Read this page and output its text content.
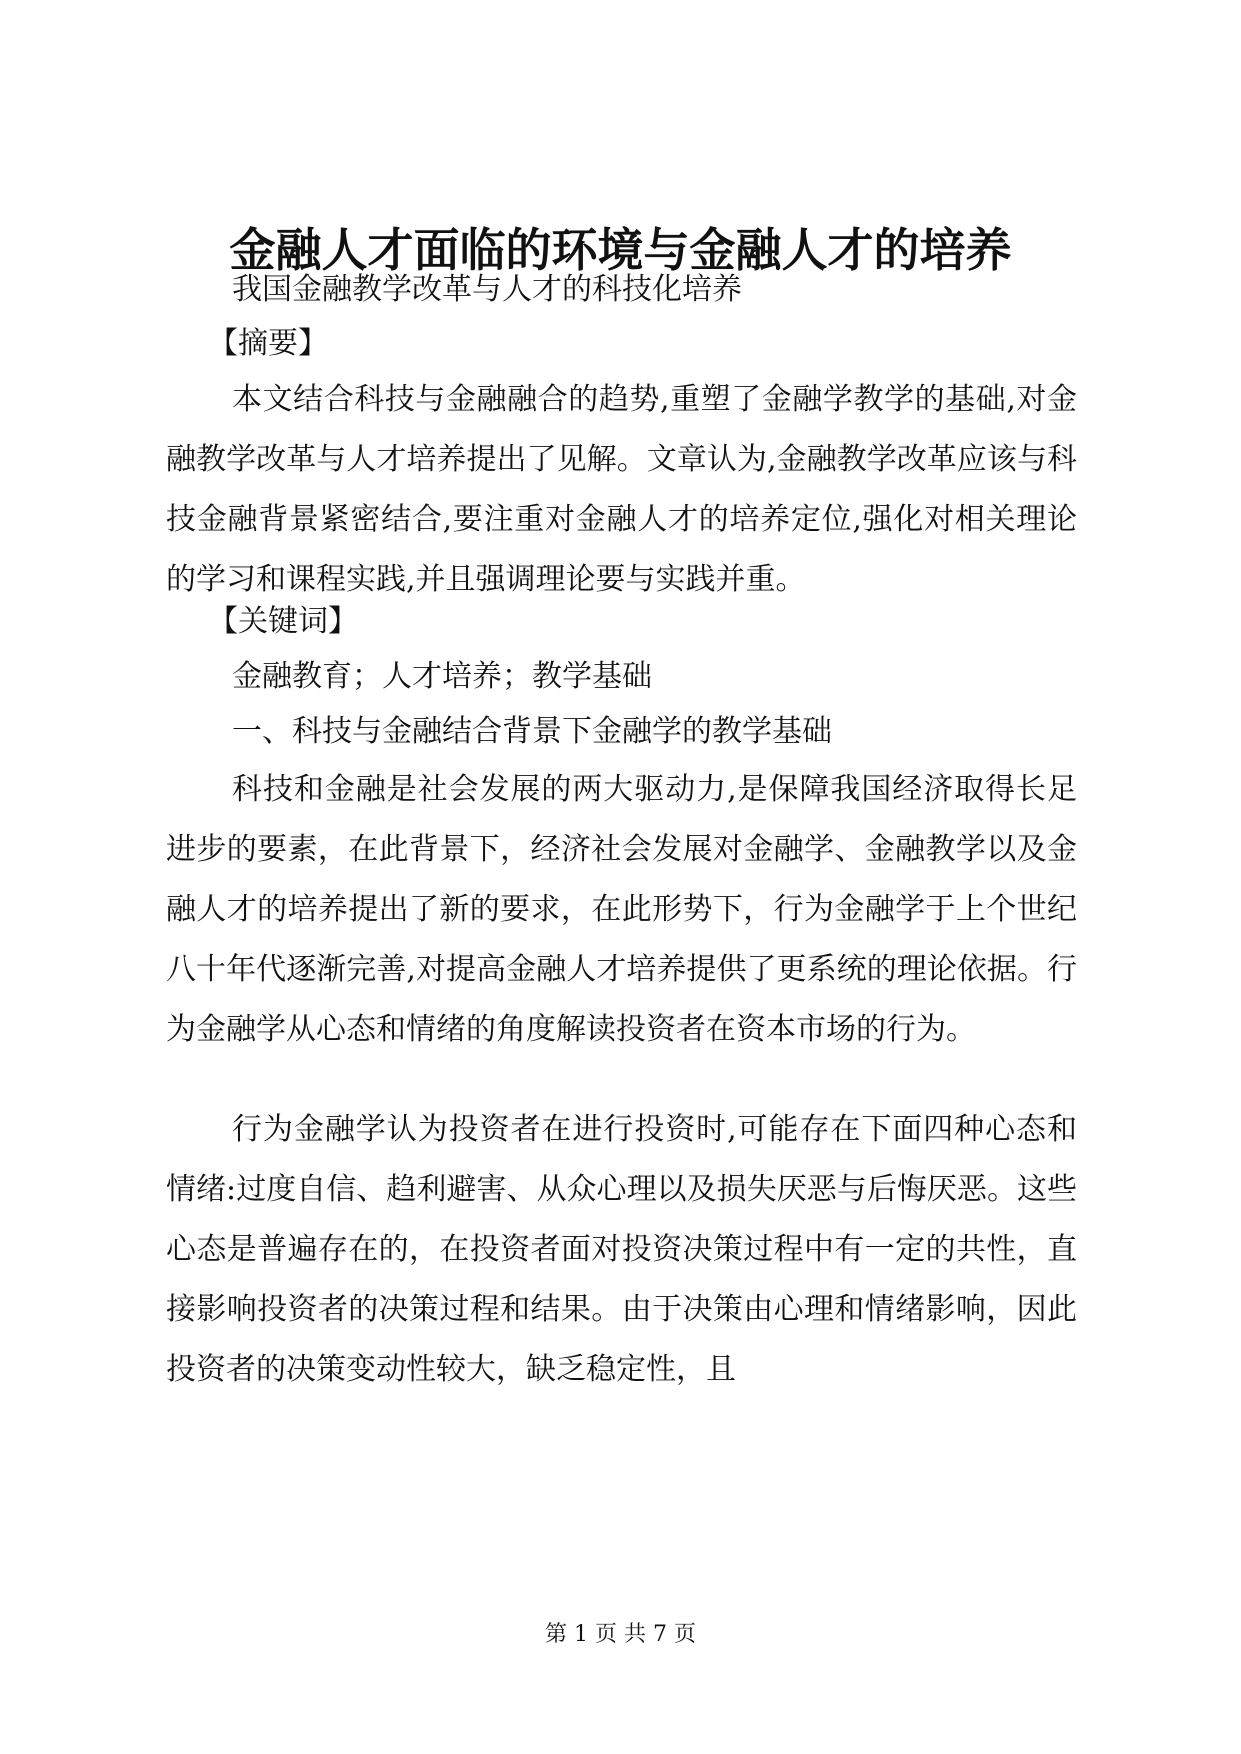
金融人才面临的环境与金融人才的培养
我国金融教学改革与人才的科技化培养
【摘要】

本文结合科技与金融融合的趋势,重塑了金融学教学的基础,对金融教学改革与人才培养提出了见解。文章认为,金融教学改革应该与科技金融背景紧密结合,要注重对金融人才的培养定位,强化对相关理论的学习和课程实践,并且强调理论要与实践并重。

【关键词】
金融教育；人才培养；教学基础
一、科技与金融结合背景下金融学的教学基础

科技和金融是社会发展的两大驱动力,是保障我国经济取得长足进步的要素，在此背景下，经济社会发展对金融学、金融教学以及金融人才的培养提出了新的要求，在此形势下，行为金融学于上个世纪八十年代逐渐完善,对提高金融人才培养提供了更系统的理论依据。行为金融学从心态和情绪的角度解读投资者在资本市场的行为。

行为金融学认为投资者在进行投资时,可能存在下面四种心态和情绪:过度自信、趋利避害、从众心理以及损失厌恶与后悔厌恶。这些心态是普遍存在的，在投资者面对投资决策过程中有一定的共性，直接影响投资者的决策过程和结果。由于决策由心理和情绪影响，因此投资者的决策变动性较大，缺乏稳定性，且

第 1 页 共 7 页
